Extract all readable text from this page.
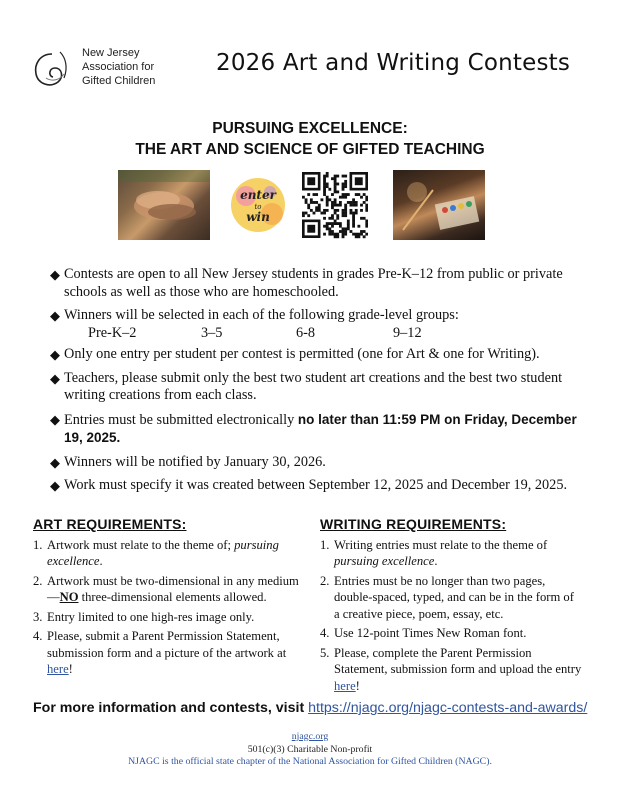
New Jersey
Association for
Gifted Children
2026 Art and Writing Contests
PURSUING EXCELLENCE:
THE ART AND SCIENCE OF GIFTED TEACHING
enter
to
win
◆ Contests are open to all New Jersey students in grades Pre-K–12 from public or private schools as well as those who are homeschooled.
◆ Winners will be selected in each of the following grade-level groups:
Pre-K–2	3–5	6-8	9–12
◆ Only one entry per student per contest is permitted (one for Art & one for Writing).
◆ Teachers, please submit only the best two student art creations and the best two student writing creations from each class.
◆ Entries must be submitted electronically no later than 11:59 PM on Friday, December 19, 2025.
◆ Winners will be notified by January 30, 2026.
◆ Work must specify it was created between September 12, 2025 and December 19, 2025.
ART REQUIREMENTS:
1. Artwork must relate to the theme of; pursuing excellence.
2. Artwork must be two-dimensional in any medium—NO three-dimensional elements allowed.
3. Entry limited to one high-res image only.
4. Please, submit a Parent Permission Statement, submission form and a picture of the artwork at here!
WRITING REQUIREMENTS:
1. Writing entries must relate to the theme of pursuing excellence.
2. Entries must be no longer than two pages, double-spaced, typed, and can be in the form of a creative piece, poem, essay, etc.
4. Use 12-point Times New Roman font.
5. Please, complete the Parent Permission Statement, submission form and upload the entry here!
For more information and contests, visit https://njagc.org/njagc-contests-and-awards/
njagc.org
501(c)(3) Charitable Non-profit
NJAGC is the official state chapter of the National Association for Gifted Children (NAGC).
